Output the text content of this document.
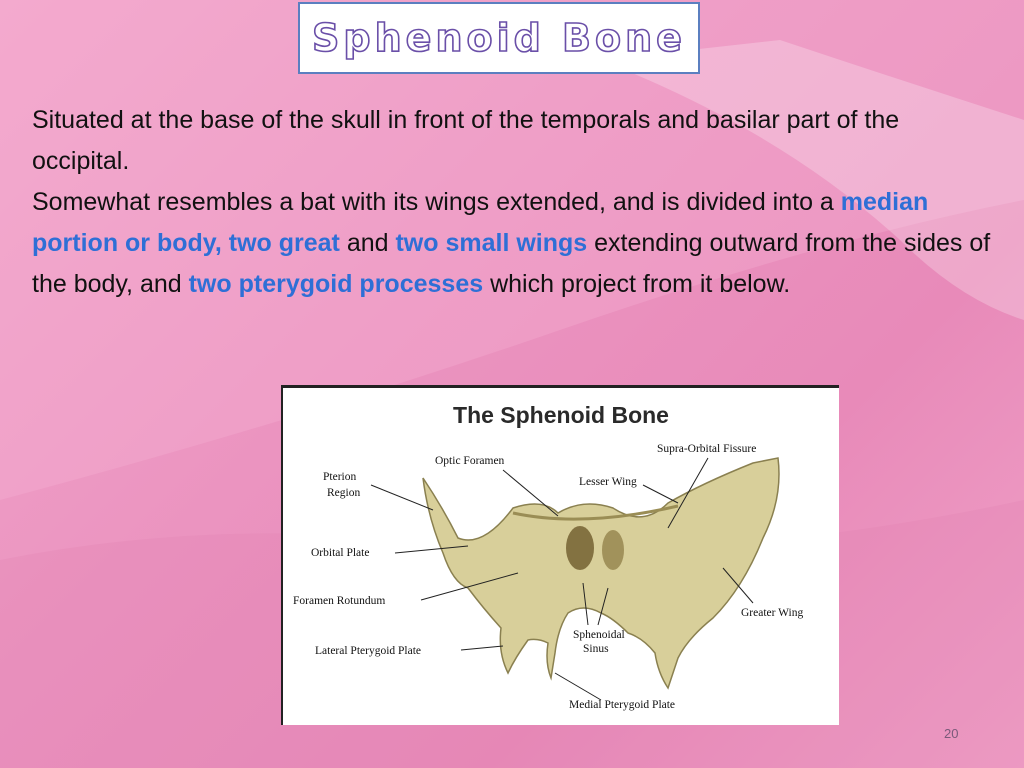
Sphenoid Bone
Situated at the base of the skull in front of the temporals and basilar part of the occipital.
Somewhat resembles a bat with its wings extended, and is divided into a median portion or body, two great and two small wings extending outward from the sides of the body, and two pterygoid processes which project from it below.
The Sphenoid Bone
Optic Foramen
Supra-Orbital Fissure
Pterion
Region
Lesser Wing
Orbital Plate
Foramen Rotundum
Greater Wing
Sphenoidal
Sinus
Lateral Pterygoid Plate
Medial Pterygoid Plate
20
